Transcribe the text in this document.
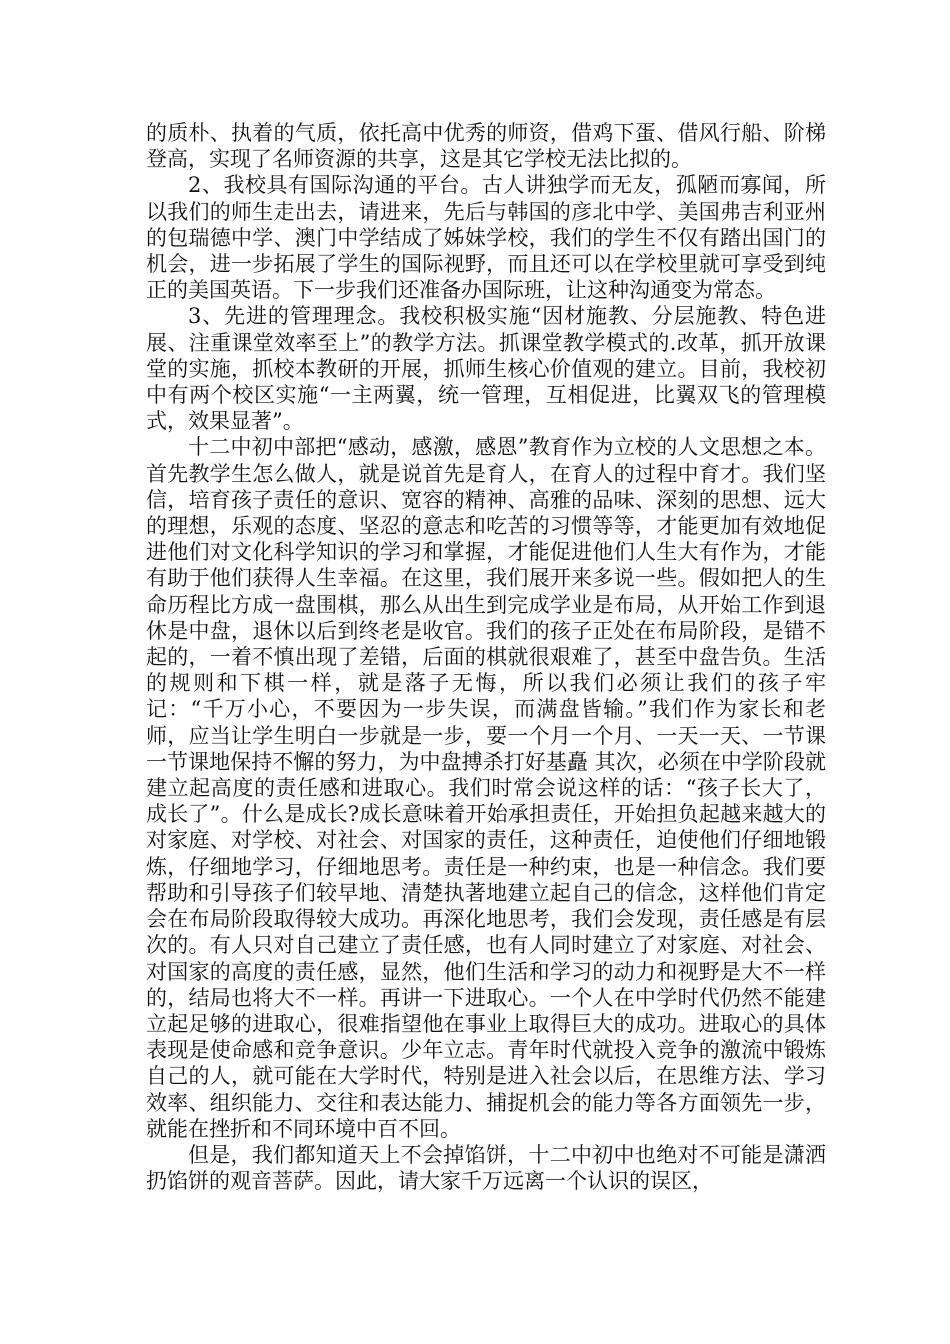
的质朴、执着的气质，依托高中优秀的师资，借鸡下蛋、借风行船、阶梯登高，实现了名师资源的共享，这是其它学校无法比拟的。

2、我校具有国际沟通的平台。古人讲独学而无友，孤陋而寡闻，所以我们的师生走出去，请进来，先后与韩国的彦北中学、美国弗吉利亚州的包瑞德中学、澳门中学结成了姊妹学校，我们的学生不仅有踏出国门的机会，进一步拓展了学生的国际视野，而且还可以在学校里就可享受到纯正的美国英语。下一步我们还准备办国际班，让这种沟通变为常态。

3、先进的管理理念。我校积极实施“因材施教、分层施教、特色进展、注重课堂效率至上”的教学方法。抓课堂教学模式的.改革，抓开放课堂的实施，抓校本教研的开展，抓师生核心价值观的建立。目前，我校初中有两个校区实施“一主两翼，统一管理，互相促进，比翼双飞的管理模式，效果显著”。

十二中初中部把“感动，感激，感恩”教育作为立校的人文思想之本。首先教学生怎么做人，就是说首先是育人，在育人的过程中育才。我们坚信，培育孩子责任的意识、宽容的精神、高雅的品味、深刻的思想、远大的理想，乐观的态度、坚忍的意志和吃苦的习惯等等，才能更加有效地促进他们对文化科学知识的学习和掌握，才能促进他们人生大有作为，才能有助于他们获得人生幸福。在这里，我们展开来多说一些。假如把人的生命历程比方成一盘围棋，那么从出生到完成学业是布局，从开始工作到退休是中盘，退休以后到终老是收官。我们的孩子正处在布局阶段，是错不起的，一着不慎出现了差错，后面的棋就很艰难了，甚至中盘告负。生活的规则和下棋一样，就是落子无悔，所以我们必须让我们的孩子牢记：“千万小心，不要因为一步失误，而满盘皆输。”我们作为家长和老师，应当让学生明白一步就是一步，要一个月一个月、一天一天、一节课一节课地保持不懈的努力，为中盘搏杀打好基矗 其次，必须在中学阶段就建立起高度的责任感和进取心。我们时常会说这样的话：“孩子长大了，成长了”。什么是成长?成长意味着开始承担责任，开始担负起越来越大的对家庭、对学校、对社会、对国家的责任，这种责任，迫使他们仔细地锻炼，仔细地学习，仔细地思考。责任是一种约束，也是一种信念。我们要帮助和引导孩子们较早地、清楚执著地建立起自己的信念，这样他们肯定会在布局阶段取得较大成功。再深化地思考，我们会发现，责任感是有层次的。有人只对自己建立了责任感，也有人同时建立了对家庭、对社会、对国家的高度的责任感，显然，他们生活和学习的动力和视野是大不一样的，结局也将大不一样。再讲一下进取心。一个人在中学时代仍然不能建立起足够的进取心，很难指望他在事业上取得巨大的成功。进取心的具体表现是使命感和竞争意识。少年立志。青年时代就投入竞争的激流中锻炼自己的人，就可能在大学时代，特别是进入社会以后，在思维方法、学习效率、组织能力、交往和表达能力、捕捉机会的能力等各方面领先一步，就能在挫折和不同环境中百不回。

但是，我们都知道天上不会掉馅饼，十二中初中也绝对不可能是潇洒扔馅饼的观音菩萨。因此，请大家千万远离一个认识的误区，
